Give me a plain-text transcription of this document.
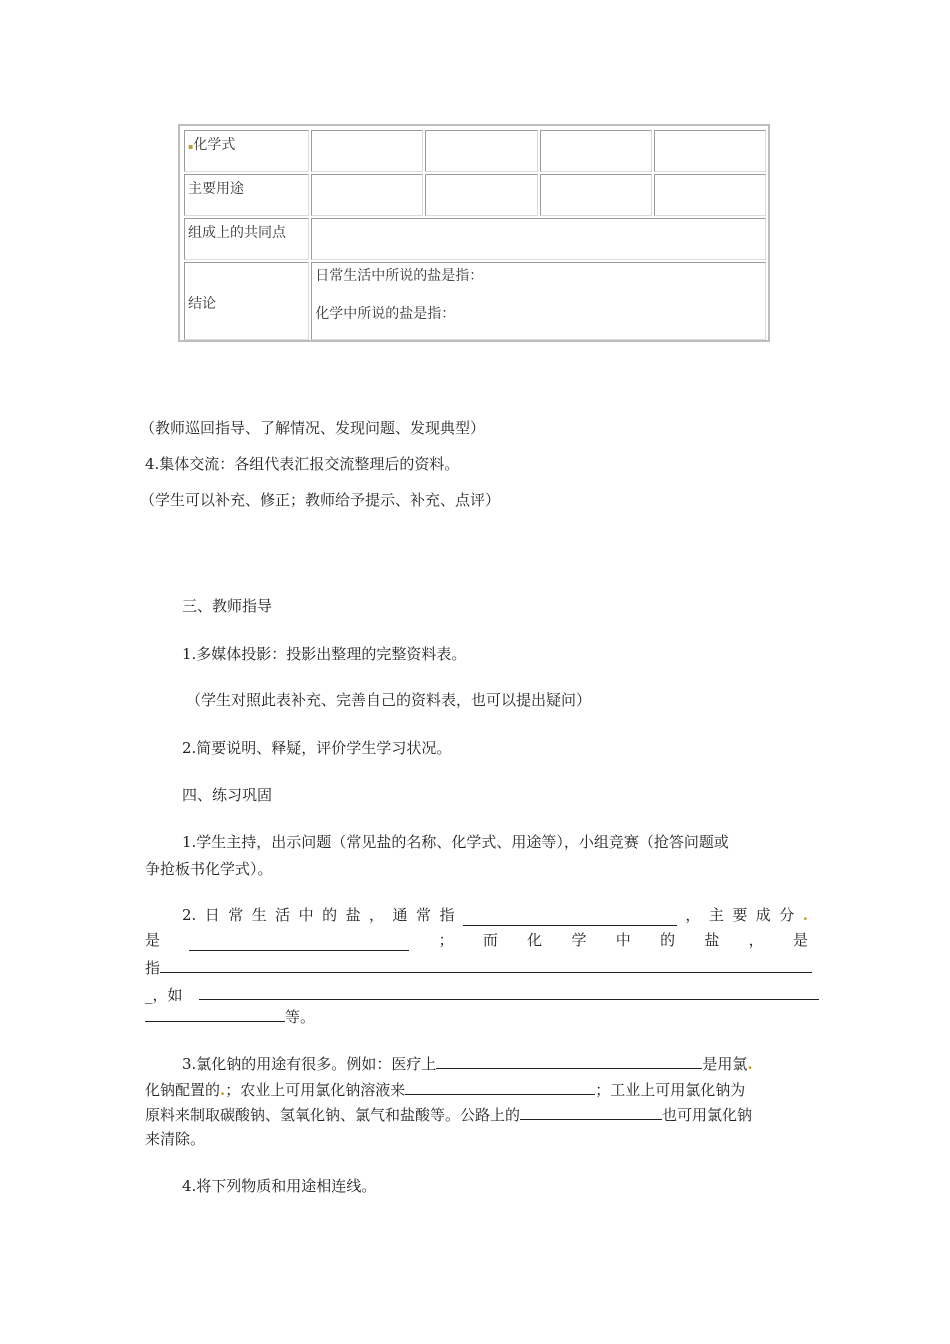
▪化学式				
主要用途				
组成上的共同点				
结论	日常生活中所说的盐是指：
化学中所说的盐是指：			
（教师巡回指导、了解情况、发现问题、发现典型）
4.集体交流：各组代表汇报交流整理后的资料。
（学生可以补充、修正；教师给予提示、补充、点评）
三、教师指导
1.多媒体投影：投影出整理的完整资料表。
（学生对照此表补充、完善自己的资料表，也可以提出疑问）
2.简要说明、释疑，评价学生学习状况。
四、练习巩固
1.学生主持，出示问题（常见盐的名称、化学式、用途等），小组竞赛（抢答问题或
争抢板书化学式）。
2. 日 常 生 活 中 的 盐 ， 通 常 指	， 主 要 成 分 .
是	； 而 化 学 中 的 盐 ， 是
指
_，如
等。
3.氯化钠的用途有很多。例如：医疗上	是用氯.
化钠配置的.；农业上可用氯化钠溶液来	；工业上可用氯化钠为
原料来制取碳酸钠、氢氧化钠、氯气和盐酸等。公路上的	也可用氯化钠
来清除。
4.将下列物质和用途相连线。
